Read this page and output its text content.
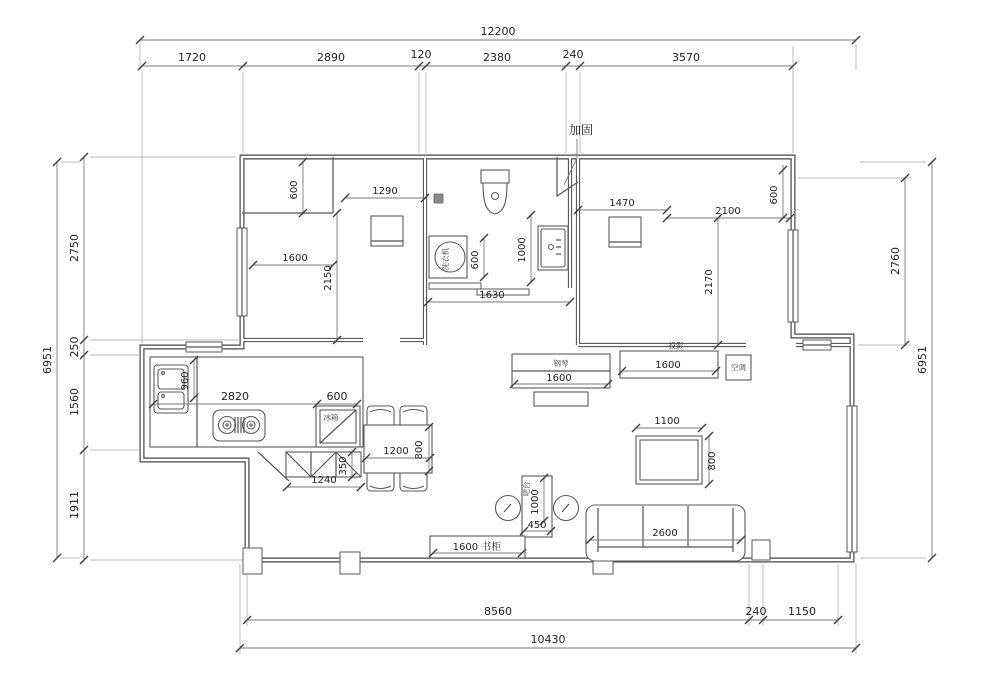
12200
1720	2890	120	2380	240	3570
6951
2750
250
1560
1911
2760
6951
8560	240 1150
10430
600	1290
1600
2150
洗衣机 600	1000
1630
加固
1470
2100
600
2170
960
2820	600
冰箱
350
1240
1200 800
钢琴
1600
投影
1600	空调
1100
800
2600
吧台
1000
450
1600 书柜
